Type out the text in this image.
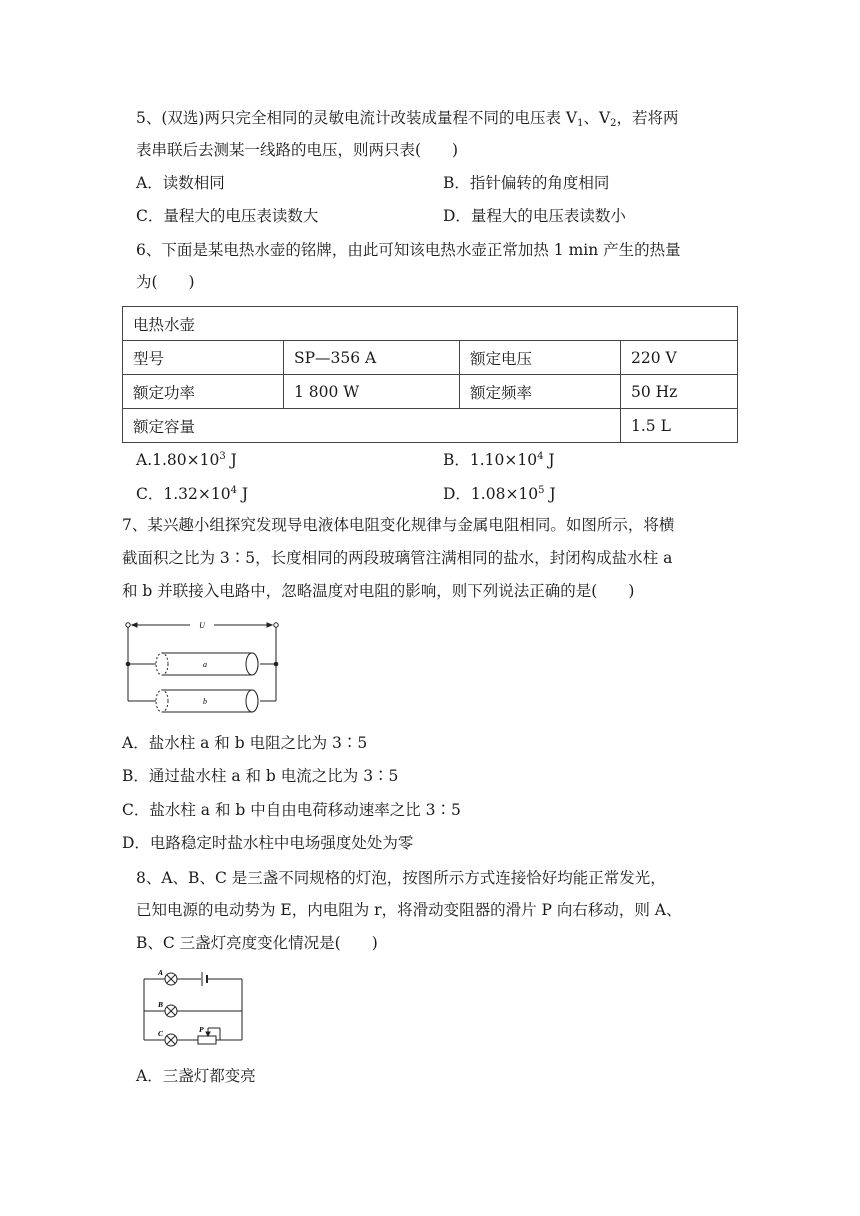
5、(双选)两只完全相同的灵敏电流计改装成量程不同的电压表 $V_1$、$V_2$，若将两
表串联后去测某一线路的电压，则两只表(　　)
A．读数相同	B．指针偏转的角度相同
C．量程大的电压表读数大	D．量程大的电压表读数小
6、下面是某电热水壶的铭牌，由此可知该电热水壶正常加热 1 min 产生的热量
为(　　)
电热水壶			
型号	SP—356 A	额定电压	220 V
额定功率	1 800 W	额定频率	50 Hz
额定容量			1.5 L
$A.1.80\times 10^3$ J	B．$1.10\times 10^4$ J
C．$1.32\times 10^4$ J	D．$1.08\times 10^5$ J
7、某兴趣小组探究发现导电液体电阻变化规律与金属电阻相同。如图所示，将横
截面积之比为 3∶5，长度相同的两段玻璃管注满相同的盐水，封闭构成盐水柱 a
和 b 并联接入电路中，忽略温度对电阻的影响，则下列说法正确的是(　　)
U
a
b
A．盐水柱 a 和 b 电阻之比为 3∶5
B．通过盐水柱 a 和 b 电流之比为 3∶5
C．盐水柱 a 和 b 中自由电荷移动速率之比 3∶5
D．电路稳定时盐水柱中电场强度处处为零
8、A、B、C 是三盏不同规格的灯泡，按图所示方式连接恰好均能正常发光，
已知电源的电动势为 E，内电阻为 r，将滑动变阻器的滑片 P 向右移动，则 A、
B、C 三盏灯亮度变化情况是(　　)
A
B
C	P
A．三盏灯都变亮
